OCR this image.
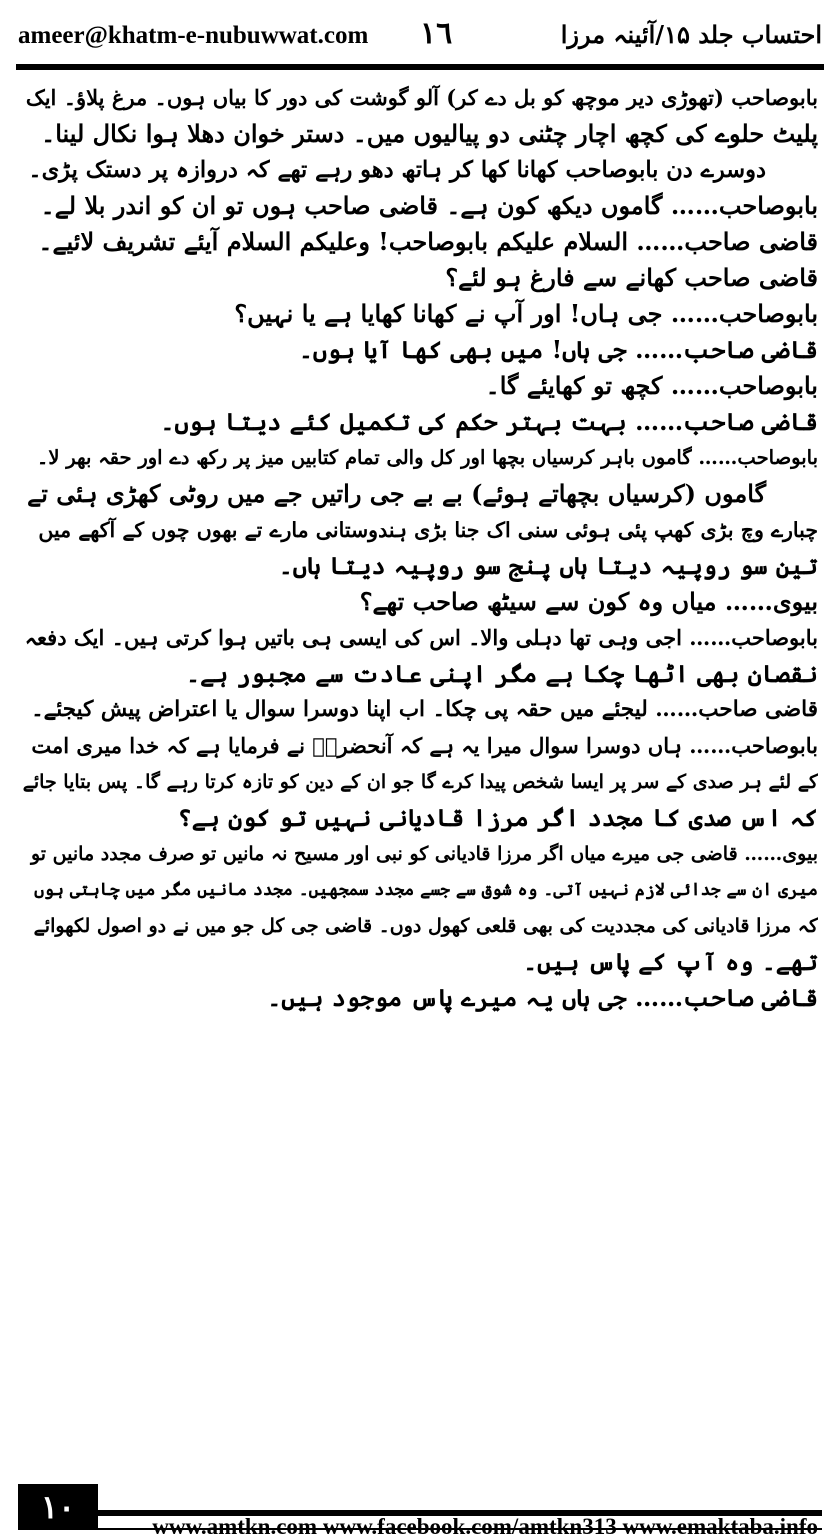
ameer@khatm-e-nubuwwat.com ١٦	احتساب جلد ۱۵/آئینہ مرزا
بابوصاحب (تھوڑی دیر موچھ کو بل دے کر) آلو گوشت کی دور کا بیاں ہوں۔ مرغ پلاؤ۔ ایک
پلیٹ حلوے کی کچھ اچار چٹنی دو پیالیوں میں۔ دستر خوان دھلا ہوا نکال لینا۔
دوسرے دن بابوصاحب کھانا کھا کر ہاتھ دھو رہے تھے کہ دروازہ پر دستک پڑی۔
بابوصاحب…… گاموں دیکھ کون ہے۔ قاضی صاحب ہوں تو ان کو اندر بلا لے۔
قاضی صاحب…… السلام علیکم بابوصاحب! وعلیکم السلام آیئے تشریف لائیے۔
قاضی صاحب کھانے سے فارغ ہو لئے؟
بابوصاحب…… جی ہاں! اور آپ نے کھانا کھایا ہے یا نہیں؟
قاضی صاحب…… جی ہاں! میں بھی کھا آیا ہوں۔
بابوصاحب…… کچھ تو کھایئے گا۔
قاضی صاحب…… بہت بہتر حکم کی تکمیل کئے دیتا ہوں۔
بابوصاحب…… گاموں باہر کرسیاں بچھا اور کل والی تمام کتابیں میز پر رکھ دے اور حقہ بھر لا۔
گاموں (کرسیاں بچھاتے ہوئے) بے بے جی راتیں جے میں روٹی کھڑی ہئی تے
چبارے وچ بڑی کھپ پئی ہوئی سنی اک جنا بڑی ہندوستانی مارے تے بھوں چوں کے آکھے میں
تین سو روپیہ دیتا ہاں پنج سو روپیہ دیتا ہاں۔
بیوی…… میاں وہ کون سے سیٹھ صاحب تھے؟
بابوصاحب…… اجی وہی تھا دہلی والا۔ اس کی ایسی ہی باتیں ہوا کرتی ہیں۔ ایک دفعہ
نقصان بھی اٹھا چکا ہے مگر اپنی عادت سے مجبور ہے۔
قاضی صاحب…… لیجئے میں حقہ پی چکا۔ اب اپنا دوسرا سوال یا اعتراض پیش کیجئے۔
بابوصاحب…… ہاں دوسرا سوال میرا یہ ہے کہ آنحضرتؐ نے فرمایا ہے کہ خدا میری امت
کے لئے ہر صدی کے سر پر ایسا شخص پیدا کرے گا جو ان کے دین کو تازہ کرتا رہے گا۔ پس بتایا جائے
کہ اس صدی کا مجدد اگر مرزا قادیانی نہیں تو کون ہے؟
بیوی…… قاضی جی میرے میاں اگر مرزا قادیانی کو نبی اور مسیح نہ مانیں تو صرف مجدد مانیں تو
میری ان سے جدائی لازم نہیں آتی۔ وہ شوق سے جسے مجدد سمجھیں۔ مجدد مانیں مگر میں چاہتی ہوں
کہ مرزا قادیانی کی مجددیت کی بھی قلعی کھول دوں۔ قاضی جی کل جو میں نے دو اصول لکھوائے
تھے۔ وہ آپ کے پاس ہیں۔
قاضی صاحب…… جی ہاں یہ میرے پاس موجود ہیں۔
١٠
www.amtkn.com www.facebook.com/amtkn313 www.emaktaba.info
